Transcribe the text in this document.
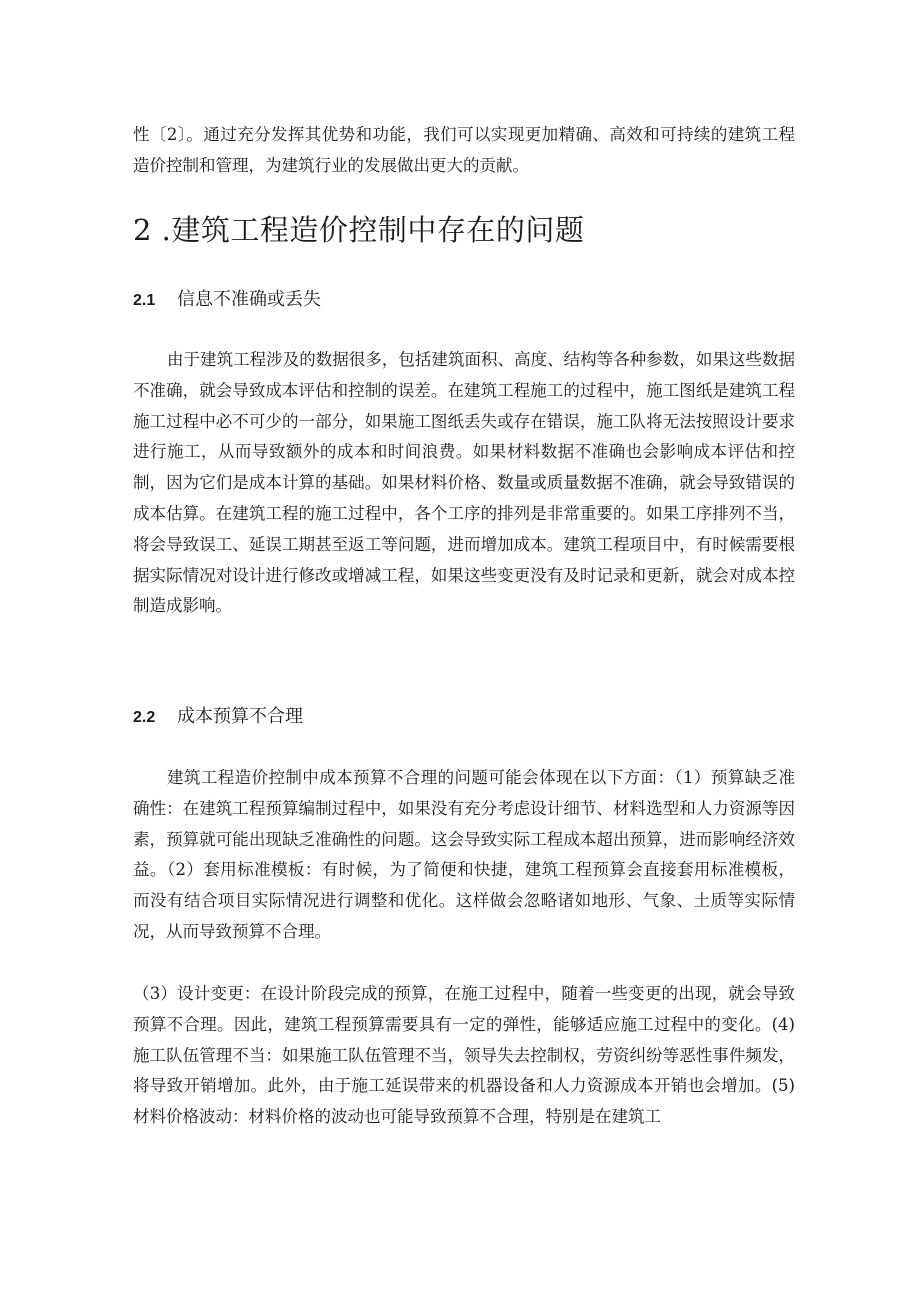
性〔2〕。通过充分发挥其优势和功能，我们可以实现更加精确、高效和可持续的建筑工程造价控制和管理，为建筑行业的发展做出更大的贡献。

2 .建筑工程造价控制中存在的问题
2.1 信息不准确或丢失

由于建筑工程涉及的数据很多，包括建筑面积、高度、结构等各种参数，如果这些数据不准确，就会导致成本评估和控制的误差。在建筑工程施工的过程中，施工图纸是建筑工程施工过程中必不可少的一部分，如果施工图纸丢失或存在错误，施工队将无法按照设计要求进行施工，从而导致额外的成本和时间浪费。如果材料数据不准确也会影响成本评估和控制，因为它们是成本计算的基础。如果材料价格、数量或质量数据不准确，就会导致错误的成本估算。在建筑工程的施工过程中，各个工序的排列是非常重要的。如果工序排列不当，将会导致误工、延误工期甚至返工等问题，进而增加成本。建筑工程项目中，有时候需要根据实际情况对设计进行修改或增减工程，如果这些变更没有及时记录和更新，就会对成本控制造成影响。

2.2 成本预算不合理

建筑工程造价控制中成本预算不合理的问题可能会体现在以下方面：（1）预算缺乏准确性：在建筑工程预算编制过程中，如果没有充分考虑设计细节、材料选型和人力资源等因素，预算就可能出现缺乏准确性的问题。这会导致实际工程成本超出预算，进而影响经济效益。（2）套用标准模板：有时候，为了简便和快捷，建筑工程预算会直接套用标准模板，而没有结合项目实际情况进行调整和优化。这样做会忽略诸如地形、气象、土质等实际情况，从而导致预算不合理。

（3）设计变更：在设计阶段完成的预算，在施工过程中，随着一些变更的出现，就会导致预算不合理。因此，建筑工程预算需要具有一定的弹性，能够适应施工过程中的变化。(4)施工队伍管理不当：如果施工队伍管理不当，领导失去控制权，劳资纠纷等恶性事件频发，将导致开销增加。此外，由于施工延误带来的机器设备和人力资源成本开销也会增加。(5)材料价格波动：材料价格的波动也可能导致预算不合理，特别是在建筑工
